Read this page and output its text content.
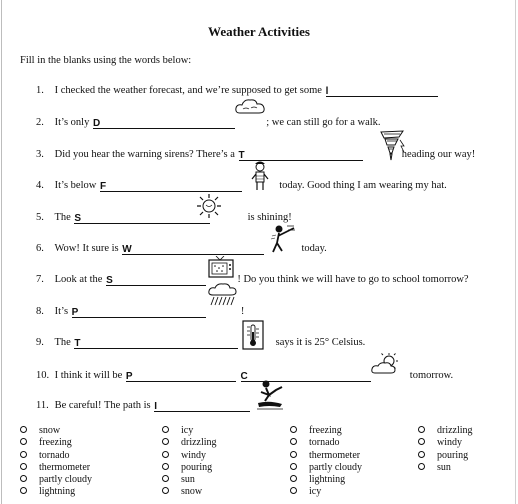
Weather Activities
Fill in the blanks using the words below:
1. I checked the weather forecast, and we’re supposed to get some l
2. It’s only D	; we can still go for a walk.
3. Did you hear the warning sirens? There’s a T	heading our way!
4. It’s below F	today. Good thing I am wearing my hat.
5. The S	is shining!
6. Wow! It sure is W	today.
7. Look at the S	! Do you think we will have to go to school tomorrow?
8. It’s P	!
9. The T	says it is 25° Celsius.
10. I think it will be P	C	tomorrow.
11. Be careful! The path is I
snow
freezing
tornado
thermometer
partly cloudy
lightning
icy
drizzling
windy
pouring
sun
snow
freezing
tornado
thermometer
partly cloudy
lightning
icy
drizzling
windy
pouring
sun
